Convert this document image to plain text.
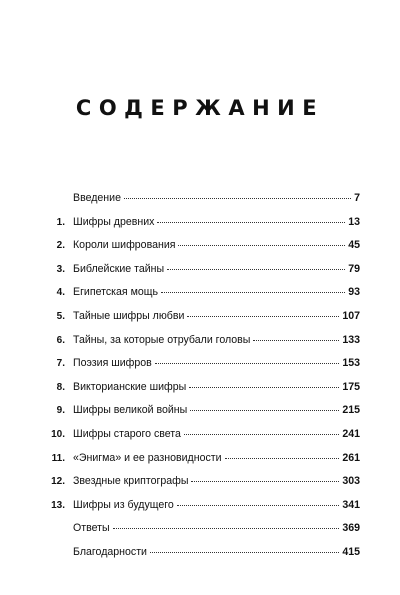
СОДЕРЖАНИЕ
Введение	7
1. Шифры древних	13
2. Короли шифрования	45
3. Библейские тайны	79
4. Египетская мощь	93
5. Тайные шифры любви	107
6. Тайны, за которые отрубали головы	133
7. Поэзия шифров	153
8. Викторианские шифры	175
9. Шифры великой войны	215
10. Шифры старого света	241
11. «Энигма» и ее разновидности	261
12. Звездные криптографы	303
13. Шифры из будущего	341
Ответы	369
Благодарности	415
